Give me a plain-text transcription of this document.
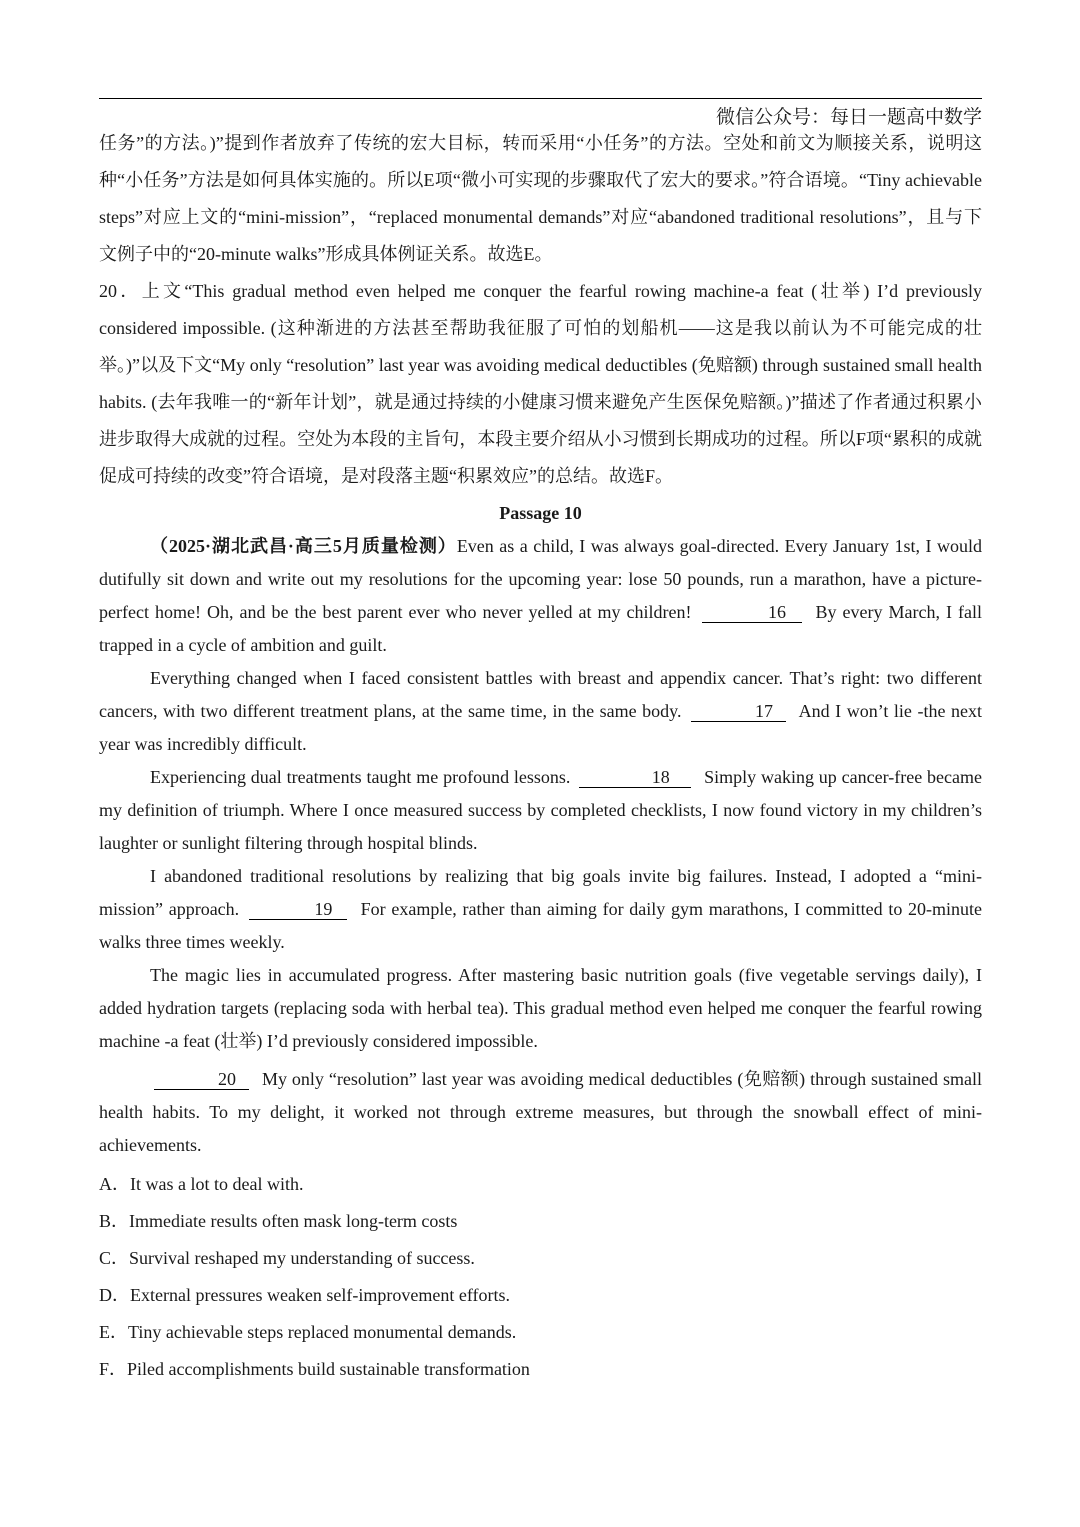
微信公众号：每日一题高中数学

任务”的方法。)”提到作者放弃了传统的宏大目标，转而采用“小任务”的方法。空处和前文为顺接关系，说明这种“小任务”方法是如何具体实施的。所以E项“微小可实现的步骤取代了宏大的要求。”符合语境。“Tiny achievable steps”对应上文的“mini-mission”，“replaced monumental demands”对应“abandoned traditional resolutions”，且与下文例子中的“20-minute walks”形成具体例证关系。故选E。

20．上文“This gradual method even helped me conquer the fearful rowing machine-a feat (壮举) I’d previously considered impossible. (这种渐进的方法甚至帮助我征服了可怕的划船机——这是我以前认为不可能完成的壮举。)”以及下文“My only “resolution” last year was avoiding medical deductibles (免赔额) through sustained small health habits. (去年我唯一的“新年计划”，就是通过持续的小健康习惯来避免产生医保免赔额。)”描述了作者通过积累小进步取得大成就的过程。空处为本段的主旨句，本段主要介绍从小习惯到长期成功的过程。所以F项“累积的成就促成可持续的改变”符合语境，是对段落主题“积累效应”的总结。故选F。

Passage 10

（2025·湖北武昌·高三5月质量检测）Even as a child, I was always goal-directed. Every January 1st, I would dutifully sit down and write out my resolutions for the upcoming year: lose 50 pounds, run a marathon, have a picture-perfect home! Oh, and be the best parent ever who never yelled at my children!	16 By every March, I fall trapped in a cycle of ambition and guilt.

Everything changed when I faced consistent battles with breast and appendix cancer. That’s right: two different cancers, with two different treatment plans, at the same time, in the same body.	17 And I won’t lie -the next year was incredibly difficult.

Experiencing dual treatments taught me profound lessons.	18 Simply waking up cancer-free became my definition of triumph. Where I once measured success by completed checklists, I now found victory in my children’s laughter or sunlight filtering through hospital blinds.

I abandoned traditional resolutions by realizing that big goals invite big failures. Instead, I adopted a “mini-mission” approach.	19 For example, rather than aiming for daily gym marathons, I committed to 20-minute walks three times weekly.

The magic lies in accumulated progress. After mastering basic nutrition goals (five vegetable servings daily), I added hydration targets (replacing soda with herbal tea). This gradual method even helped me conquer the fearful rowing machine -a feat (壮举) I’d previously considered impossible.

20 My only “resolution” last year was avoiding medical deductibles (免赔额) through sustained small health habits. To my delight, it worked not through extreme measures, but through the snowball effect of mini-achievements.

A．It was a lot to deal with.

B．Immediate results often mask long-term costs

C．Survival reshaped my understanding of success.

D．External pressures weaken self-improvement efforts.

E．Tiny achievable steps replaced monumental demands.

F．Piled accomplishments build sustainable transformation
